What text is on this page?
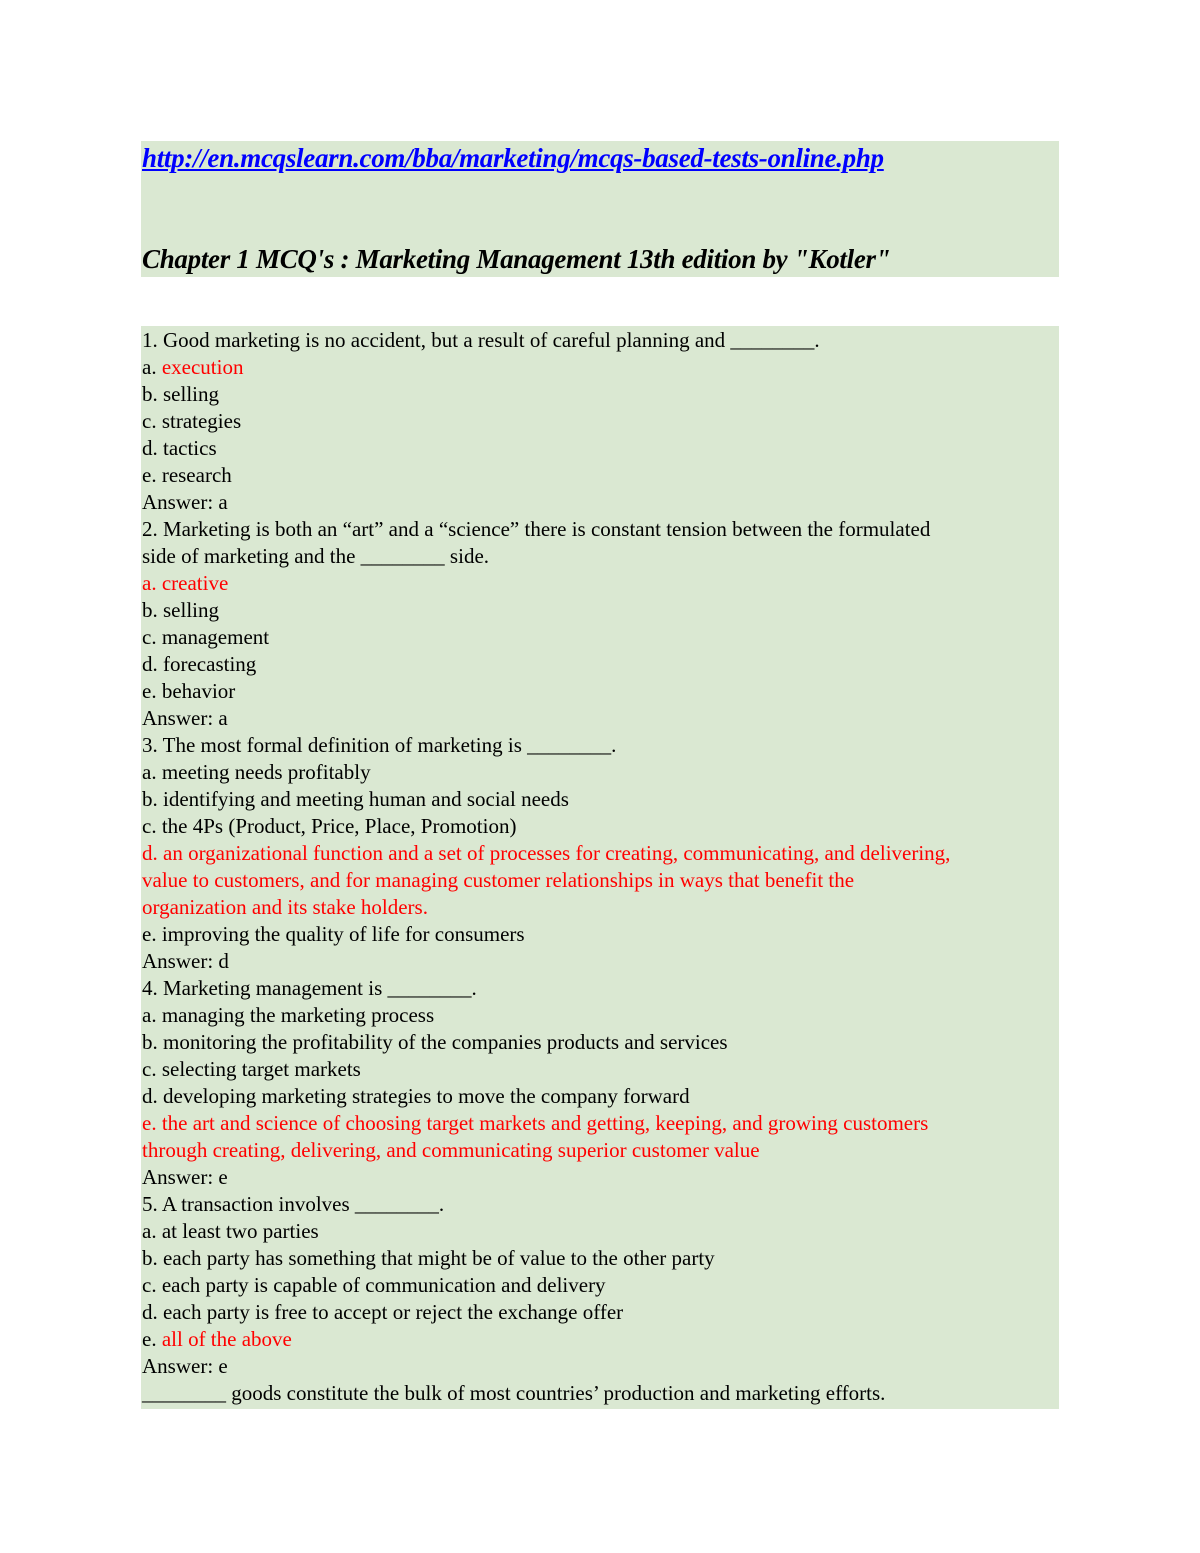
http://en.mcqslearn.com/bba/marketing/mcqs-based-tests-online.php
Chapter 1 MCQ's : Marketing Management 13th edition by "Kotler"
1. Good marketing is no accident, but a result of careful planning and ________.
a. execution
b. selling
c. strategies
d. tactics
e. research
Answer: a
2. Marketing is both an “art” and a “science” there is constant tension between the formulated
side of marketing and the ________ side.
a. creative
b. selling
c. management
d. forecasting
e. behavior
Answer: a
3. The most formal definition of marketing is ________.
a. meeting needs profitably
b. identifying and meeting human and social needs
c. the 4Ps (Product, Price, Place, Promotion)
d. an organizational function and a set of processes for creating, communicating, and delivering,
value to customers, and for managing customer relationships in ways that benefit the
organization and its stake holders.
e. improving the quality of life for consumers
Answer: d
4. Marketing management is ________.
a. managing the marketing process
b. monitoring the profitability of the companies products and services
c. selecting target markets
d. developing marketing strategies to move the company forward
e. the art and science of choosing target markets and getting, keeping, and growing customers
through creating, delivering, and communicating superior customer value
Answer: e
5. A transaction involves ________.
a. at least two parties
b. each party has something that might be of value to the other party
c. each party is capable of communication and delivery
d. each party is free to accept or reject the exchange offer
e. all of the above
Answer: e
________ goods constitute the bulk of most countries’ production and marketing efforts.
